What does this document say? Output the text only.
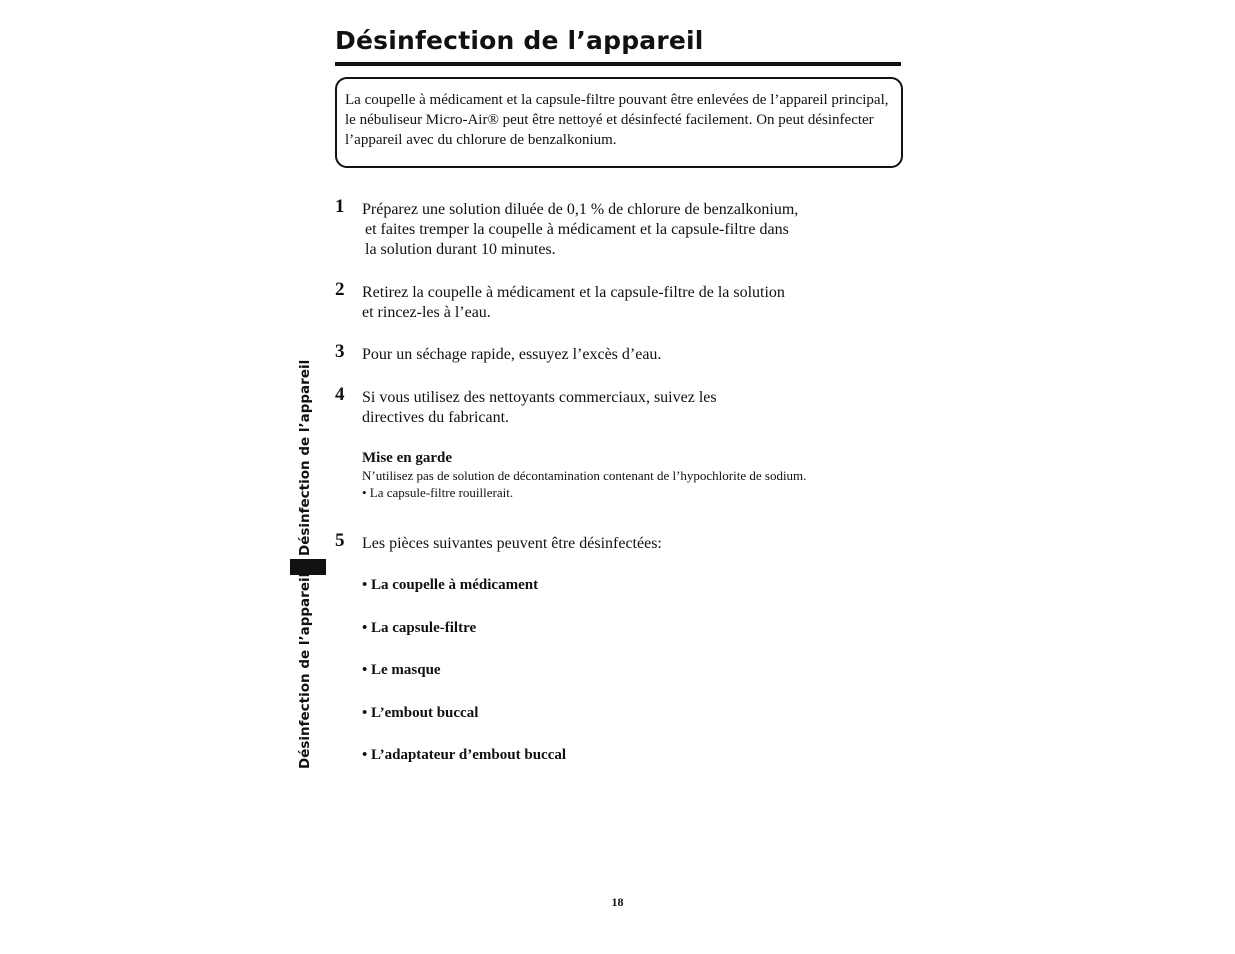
Désinfection de l’appareil

La coupelle à médicament et la capsule-filtre pouvant être enlevées de l’appareil principal, le nébuliseur Micro-Air® peut être nettoyé et désinfecté facilement. On peut désinfecter l’appareil avec du chlorure de benzalkonium.

Désinfection de l’appareil
Désinfection de l’appareil
1 Préparez une solution diluée de 0,1 % de chlorure de benzalkonium,
et faites tremper la coupelle à médicament et la capsule-filtre dans
la solution durant 10 minutes.
2 Retirez la coupelle à médicament et la capsule-filtre de la solution
et rincez-les à l’eau.
3 Pour un séchage rapide, essuyez l’excès d’eau.
4 Si vous utilisez des nettoyants commerciaux, suivez les
directives du fabricant.
Mise en garde
N’utilisez pas de solution de décontamination contenant de l’hypochlorite de sodium.
• La capsule-filtre rouillerait.
5 Les pièces suivantes peuvent être désinfectées:
• La coupelle à médicament
• La capsule-filtre
• Le masque
• L’embout buccal
• L’adaptateur d’embout buccal
18
